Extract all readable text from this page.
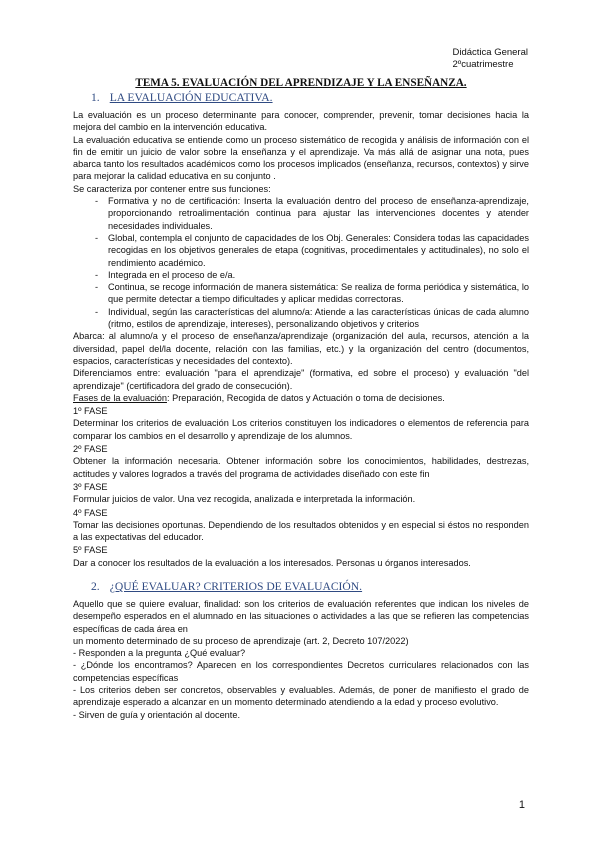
Didáctica General
2ºcuatrimestre
TEMA 5. EVALUACIÓN DEL APRENDIZAJE Y LA ENSEÑANZA.
1. LA EVALUACIÓN EDUCATIVA.

La evaluación es un proceso determinante para conocer, comprender, prevenir, tomar decisiones hacia la mejora del cambio en la intervención educativa.

La evaluación educativa se entiende como un proceso sistemático de recogida y análisis de información con el fin de emitir un juicio de valor sobre la enseñanza y el aprendizaje. Va más allá de asignar una nota, pues abarca tanto los resultados académicos como los procesos implicados (enseñanza, recursos, contextos) y sirve para mejorar la calidad educativa en su conjunto .

Se caracteriza por contener entre sus funciones:

- Formativa y no de certificación: Inserta la evaluación dentro del proceso de enseñanza-aprendizaje, proporcionando retroalimentación continua para ajustar las intervenciones docentes y atender necesidades individuales.
- Global, contempla el conjunto de capacidades de los Obj. Generales: Considera todas las capacidades recogidas en los objetivos generales de etapa (cognitivas, procedimentales y actitudinales), no solo el rendimiento académico.
- Integrada en el proceso de e/a.
- Continua, se recoge información de manera sistemática: Se realiza de forma periódica y sistemática, lo que permite detectar a tiempo dificultades y aplicar medidas correctoras.
- Individual, según las características del alumno/a: Atiende a las características únicas de cada alumno (ritmo, estilos de aprendizaje, intereses), personalizando objetivos y criterios

Abarca: al alumno/a y el proceso de enseñanza/aprendizaje (organización del aula, recursos, atención a la diversidad, papel del/la docente, relación con las familias, etc.) y la organización del centro (documentos, espacios, características y necesidades del contexto).

Diferenciamos entre: evaluación "para el aprendizaje" (formativa, ed sobre el proceso) y evaluación "del aprendizaje" (certificadora del grado de consecución).

Fases de la evaluación: Preparación, Recogida de datos y Actuación o toma de decisiones.

1º FASE

Determinar los criterios de evaluación Los criterios constituyen los indicadores o elementos de referencia para comparar los cambios en el desarrollo y aprendizaje de los alumnos.

2º FASE

Obtener la información necesaria. Obtener información sobre los conocimientos, habilidades, destrezas, actitudes y valores logrados a través del programa de actividades diseñado con este fin

3º FASE

Formular juicios de valor. Una vez recogida, analizada e interpretada la información.

4º FASE

Tomar las decisiones oportunas. Dependiendo de los resultados obtenidos y en especial si éstos no responden a las expectativas del educador.

5º FASE

Dar a conocer los resultados de la evaluación a los interesados. Personas u órganos interesados.

2. ¿QUÉ EVALUAR? CRITERIOS DE EVALUACIÓN.

Aquello que se quiere evaluar, finalidad: son los criterios de evaluación referentes que indican los niveles de desempeño esperados en el alumnado en las situaciones o actividades a las que se refieren las competencias específicas de cada área en

un momento determinado de su proceso de aprendizaje (art. 2, Decreto 107/2022)

- Responden a la pregunta ¿Qué evaluar?

- ¿Dónde los encontramos? Aparecen en los correspondientes Decretos curriculares relacionados con las competencias específicas

- Los criterios deben ser concretos, observables y evaluables. Además, de poner de manifiesto el grado de aprendizaje esperado a alcanzar en un momento determinado atendiendo a la edad y proceso evolutivo.

- Sirven de guía y orientación al docente.

1
